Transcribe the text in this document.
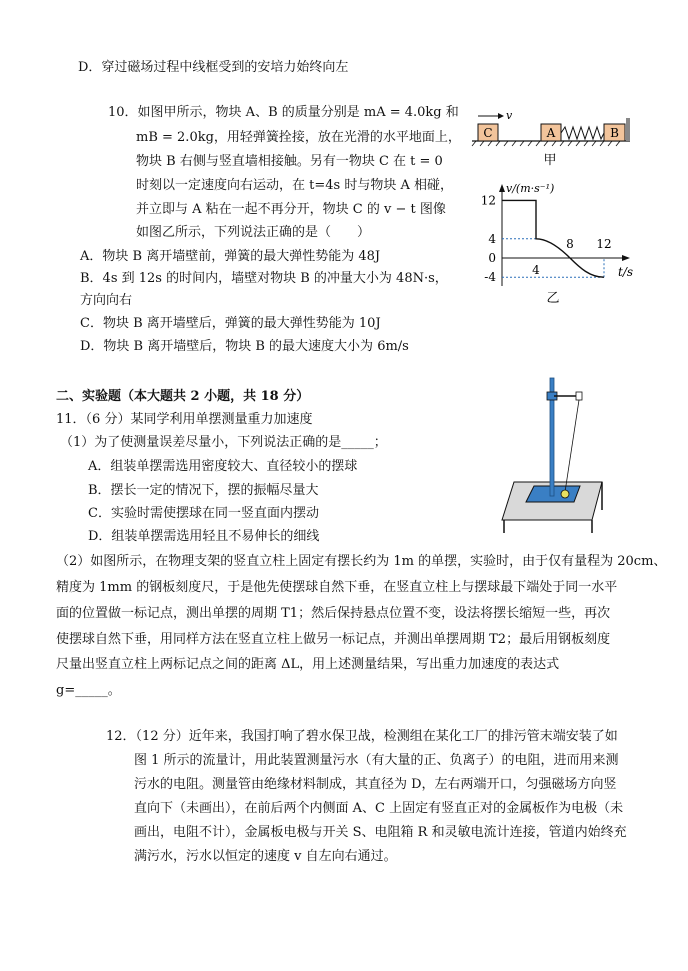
D．穿过磁场过程中线框受到的安培力始终向左
10．如图甲所示，物块 A、B 的质量分别是 mA = 4.0kg 和
mB = 2.0kg，用轻弹簧拴接，放在光滑的水平地面上，
物块 B 右侧与竖直墙相接触。另有一物块 C 在 t = 0
时刻以一定速度向右运动，在 t=4s 时与物块 A 相碰，
并立即与 A 粘在一起不再分开，物块 C 的 v − t 图像
如图乙所示，下列说法正确的是（　　）
A．物块 B 离开墙壁前，弹簧的最大弹性势能为 48J
B．4s 到 12s 的时间内，墙壁对物块 B 的冲量大小为 48N·s，
方向向右
C．物块 B 离开墙壁后，弹簧的最大弹性势能为 10J
D．物块 B 离开墙壁后，物块 B 的最大速度大小为 6m/s
v
C	A	B
甲
v/(m·s⁻¹)
t/s
12
4
0
-4
4
8 12
乙
二、实验题（本大题共 2 小题，共 18 分）
11．（6 分）某同学利用单摆测量重力加速度
（1）为了使测量误差尽量小，下列说法正确的是_____；
A．组装单摆需选用密度较大、直径较小的摆球
B．摆长一定的情况下，摆的振幅尽量大
C．实验时需使摆球在同一竖直面内摆动
D．组装单摆需选用轻且不易伸长的细线
（2）如图所示，在物理支架的竖直立柱上固定有摆长约为 1m 的单摆，实验时，由于仅有量程为 20cm、
精度为 1mm 的钢板刻度尺，于是他先使摆球自然下垂，在竖直立柱上与摆球最下端处于同一水平
面的位置做一标记点，测出单摆的周期 T1；然后保持悬点位置不变，设法将摆长缩短一些，再次
使摆球自然下垂，用同样方法在竖直立柱上做另一标记点，并测出单摆周期 T2；最后用钢板刻度
尺量出竖直立柱上两标记点之间的距离 ΔL，用上述测量结果，写出重力加速度的表达式
g=_____。
12．（12 分）近年来，我国打响了碧水保卫战，检测组在某化工厂的排污管末端安装了如
图 1 所示的流量计，用此装置测量污水（有大量的正、负离子）的电阻，进而用来测
污水的电阻。测量管由绝缘材料制成，其直径为 D，左右两端开口，匀强磁场方向竖
直向下（未画出），在前后两个内侧面 A、C 上固定有竖直正对的金属板作为电极（未
画出，电阻不计），金属板电极与开关 S、电阻箱 R 和灵敏电流计连接，管道内始终充
满污水，污水以恒定的速度 v 自左向右通过。
